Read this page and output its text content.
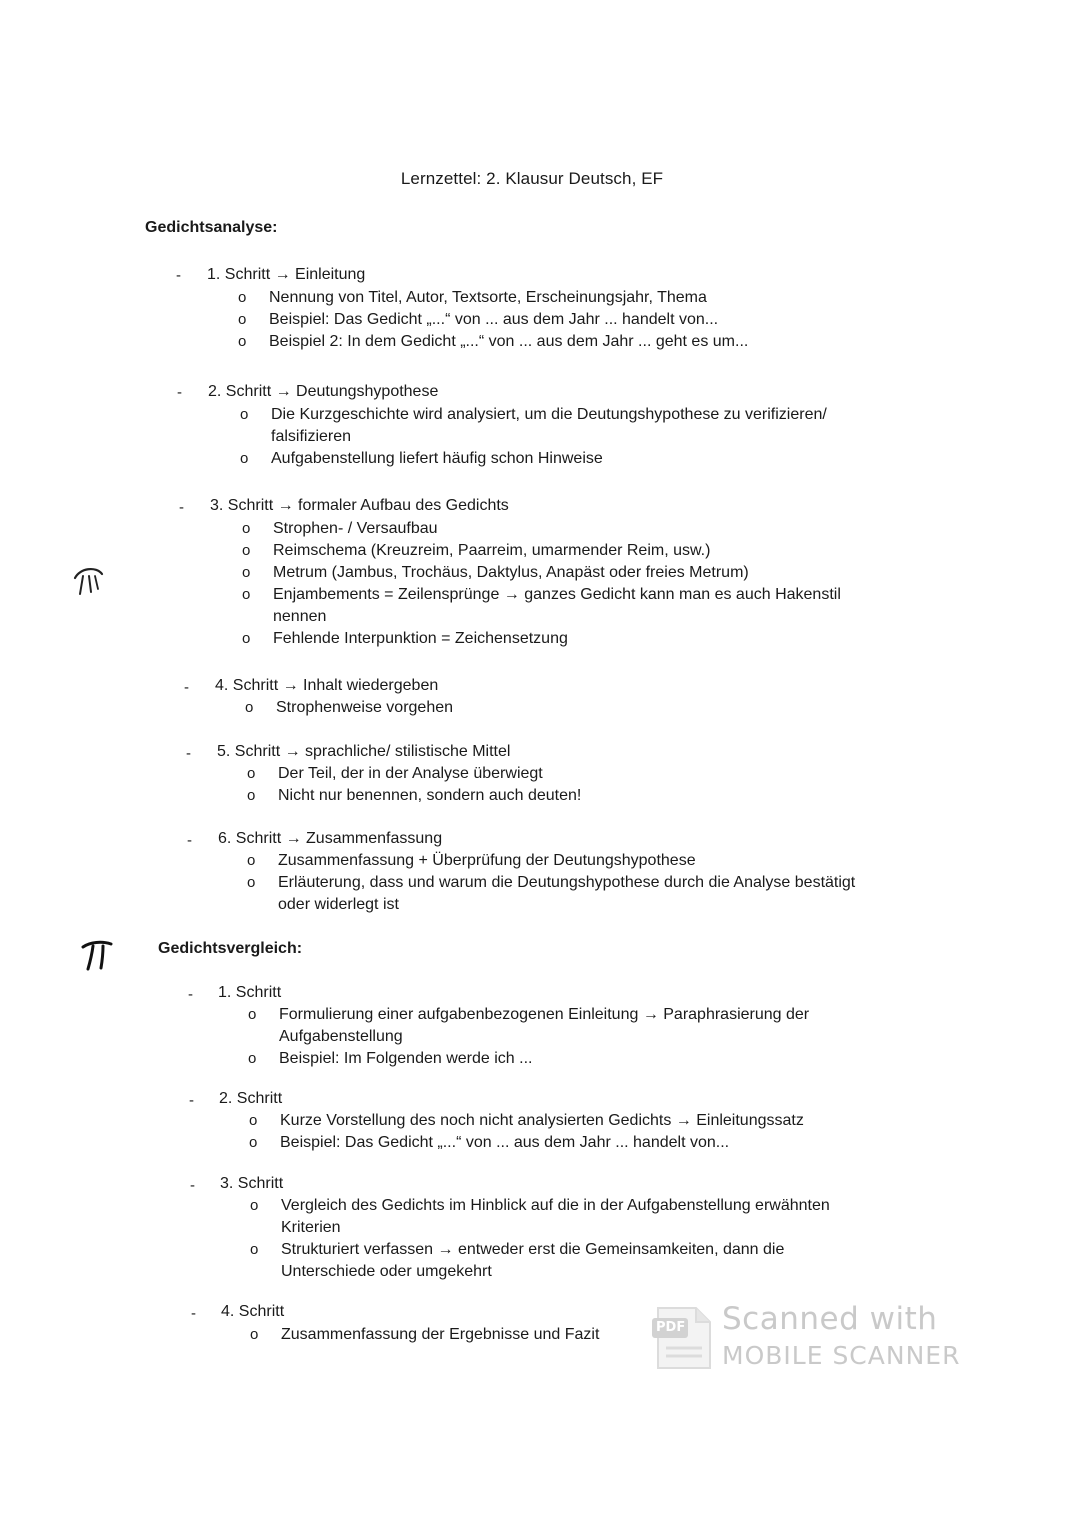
Lernzettel: 2. Klausur Deutsch, EF
Gedichtsanalyse:
- 1. Schritt → Einleitung
o Nennung von Titel, Autor, Textsorte, Erscheinungsjahr, Thema
o Beispiel: Das Gedicht „...“ von ... aus dem Jahr ... handelt von...
o Beispiel 2: In dem Gedicht „...“ von ... aus dem Jahr ... geht es um...
- 2. Schritt → Deutungshypothese
o Die Kurzgeschichte wird analysiert, um die Deutungshypothese zu verifizieren/ falsifizieren
o Aufgabenstellung liefert häufig schon Hinweise
- 3. Schritt → formaler Aufbau des Gedichts
o Strophen- / Versaufbau
o Reimschema (Kreuzreim, Paarreim, umarmender Reim, usw.)
o Metrum (Jambus, Trochäus, Daktylus, Anapäst oder freies Metrum)
o Enjambements = Zeilensprünge → ganzes Gedicht kann man es auch Hakenstil nennen
o Fehlende Interpunktion = Zeichensetzung
- 4. Schritt → Inhalt wiedergeben
o Strophenweise vorgehen
- 5. Schritt → sprachliche/ stilistische Mittel
o Der Teil, der in der Analyse überwiegt
o Nicht nur benennen, sondern auch deuten!
- 6. Schritt → Zusammenfassung
o Zusammenfassung + Überprüfung der Deutungshypothese
o Erläuterung, dass und warum die Deutungshypothese durch die Analyse bestätigt oder widerlegt ist
Gedichtsvergleich:
- 1. Schritt
o Formulierung einer aufgabenbezogenen Einleitung → Paraphrasierung der Aufgabenstellung
o Beispiel: Im Folgenden werde ich ...
- 2. Schritt
o Kurze Vorstellung des noch nicht analysierten Gedichts → Einleitungssatz
o Beispiel: Das Gedicht „...“ von ... aus dem Jahr ... handelt von...
- 3. Schritt
o Vergleich des Gedichts im Hinblick auf die in der Aufgabenstellung erwähnten Kriterien
o Strukturiert verfassen → entweder erst die Gemeinsamkeiten, dann die Unterschiede oder umgekehrt
- 4. Schritt
o Zusammenfassung der Ergebnisse und Fazit	PDF Scanned with
MOBILE SCANNER
